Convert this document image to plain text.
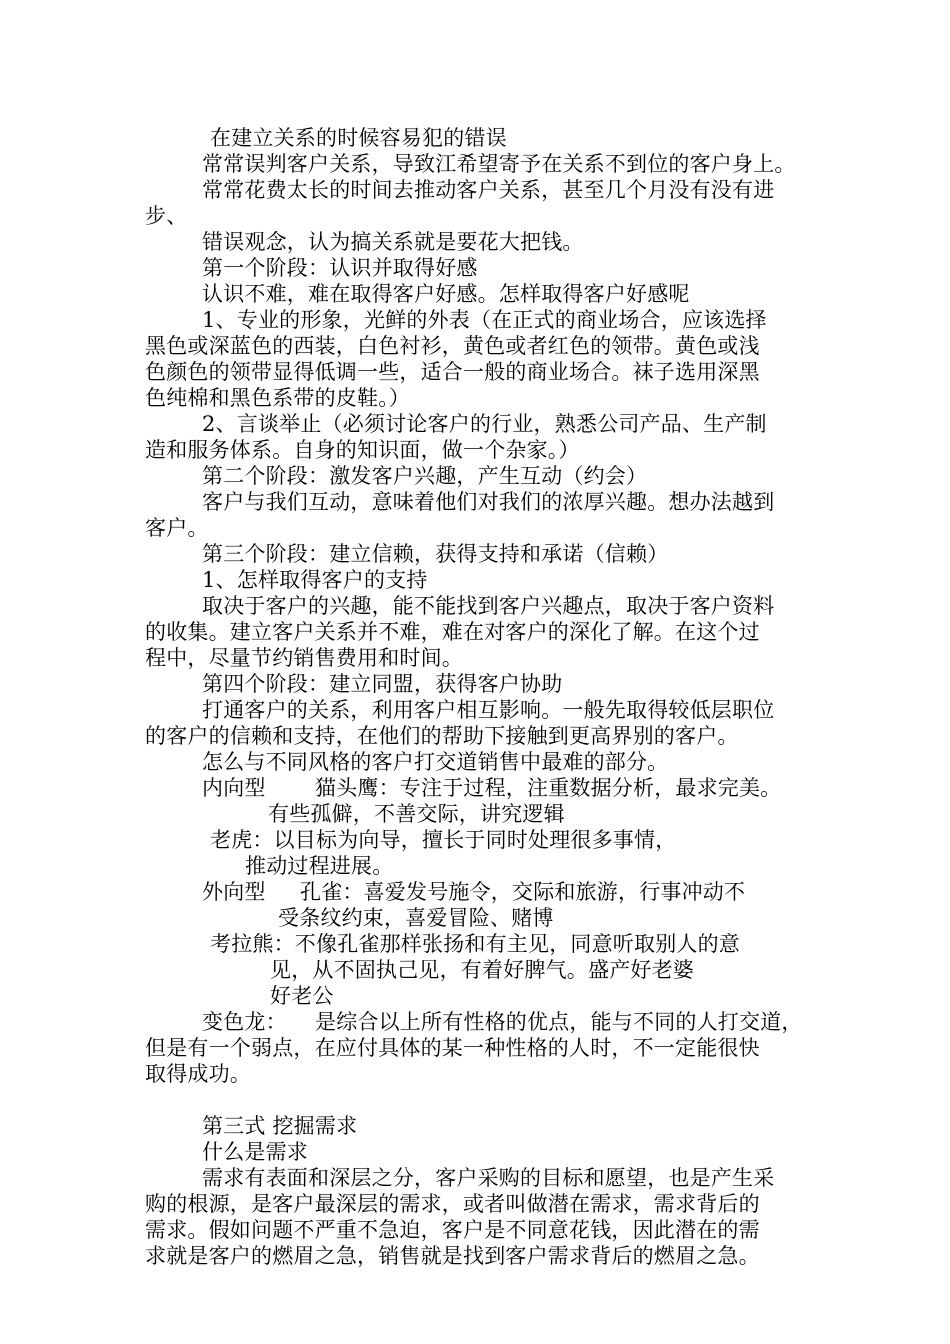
在建立关系的时候容易犯的错误
常常误判客户关系，导致江希望寄予在关系不到位的客户身上。
常常花费太长的时间去推动客户关系，甚至几个月没有没有进
步、
错误观念，认为搞关系就是要花大把钱。
第一个阶段：认识并取得好感
认识不难，难在取得客户好感。怎样取得客户好感呢
1、专业的形象，光鲜的外表（在正式的商业场合，应该选择
黑色或深蓝色的西装，白色衬衫，黄色或者红色的领带。黄色或浅
色颜色的领带显得低调一些，适合一般的商业场合。袜子选用深黑
色纯棉和黑色系带的皮鞋。）
2、言谈举止（必须讨论客户的行业，熟悉公司产品、生产制
造和服务体系。自身的知识面，做一个杂家。）
第二个阶段：激发客户兴趣，产生互动（约会）
客户与我们互动，意味着他们对我们的浓厚兴趣。想办法越到
客户。
第三个阶段：建立信赖，获得支持和承诺（信赖）
1、怎样取得客户的支持
取决于客户的兴趣，能不能找到客户兴趣点，取决于客户资料
的收集。建立客户关系并不难，难在对客户的深化了解。在这个过
程中，尽量节约销售费用和时间。
第四个阶段：建立同盟，获得客户协助
打通客户的关系，利用客户相互影响。一般先取得较低层职位
的客户的信赖和支持，在他们的帮助下接触到更高界别的客户。
怎么与不同风格的客户打交道销售中最难的部分。
内向型 猫头鹰：专注于过程，注重数据分析，最求完美。
有些孤僻，不善交际，讲究逻辑
老虎：以目标为向导，擅长于同时处理很多事情，
推动过程进展。
外向型 孔雀：喜爱发号施令，交际和旅游，行事冲动不
受条纹约束，喜爱冒险、赌博
考拉熊：不像孔雀那样张扬和有主见，同意听取别人的意
见，从不固执己见，有着好脾气。盛产好老婆
好老公
变色龙： 是综合以上所有性格的优点，能与不同的人打交道，
但是有一个弱点，在应付具体的某一种性格的人时，不一定能很快
取得成功。
第三式 挖掘需求
什么是需求
需求有表面和深层之分，客户采购的目标和愿望，也是产生采
购的根源，是客户最深层的需求，或者叫做潜在需求，需求背后的
需求。假如问题不严重不急迫，客户是不同意花钱，因此潜在的需
求就是客户的燃眉之急，销售就是找到客户需求背后的燃眉之急。
